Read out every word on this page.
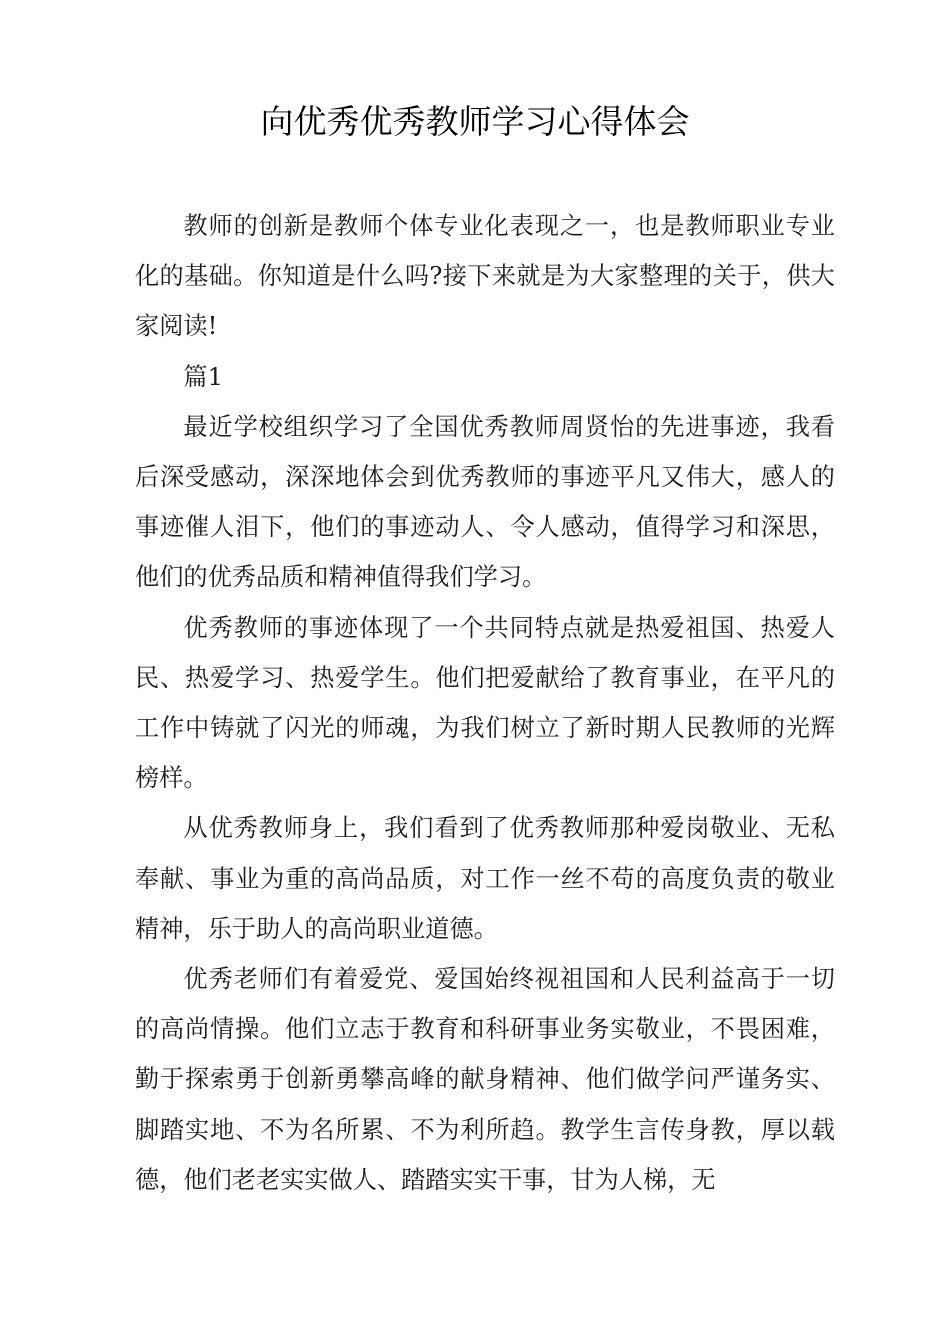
向优秀优秀教师学习心得体会

教师的创新是教师个体专业化表现之一，也是教师职业专业化的基础。你知道是什么吗?接下来就是为大家整理的关于，供大家阅读!

篇1

最近学校组织学习了全国优秀教师周贤怡的先进事迹，我看后深受感动，深深地体会到优秀教师的事迹平凡又伟大，感人的事迹催人泪下，他们的事迹动人、令人感动，值得学习和深思，他们的优秀品质和精神值得我们学习。

优秀教师的事迹体现了一个共同特点就是热爱祖国、热爱人民、热爱学习、热爱学生。他们把爱献给了教育事业，在平凡的工作中铸就了闪光的师魂，为我们树立了新时期人民教师的光辉榜样。

从优秀教师身上，我们看到了优秀教师那种爱岗敬业、无私奉献、事业为重的高尚品质，对工作一丝不苟的高度负责的敬业精神，乐于助人的高尚职业道德。

优秀老师们有着爱党、爱国始终视祖国和人民利益高于一切的高尚情操。他们立志于教育和科研事业务实敬业，不畏困难，勤于探索勇于创新勇攀高峰的献身精神、他们做学问严谨务实、脚踏实地、不为名所累、不为利所趋。教学生言传身教，厚以载德，他们老老实实做人、踏踏实实干事，甘为人梯，无
